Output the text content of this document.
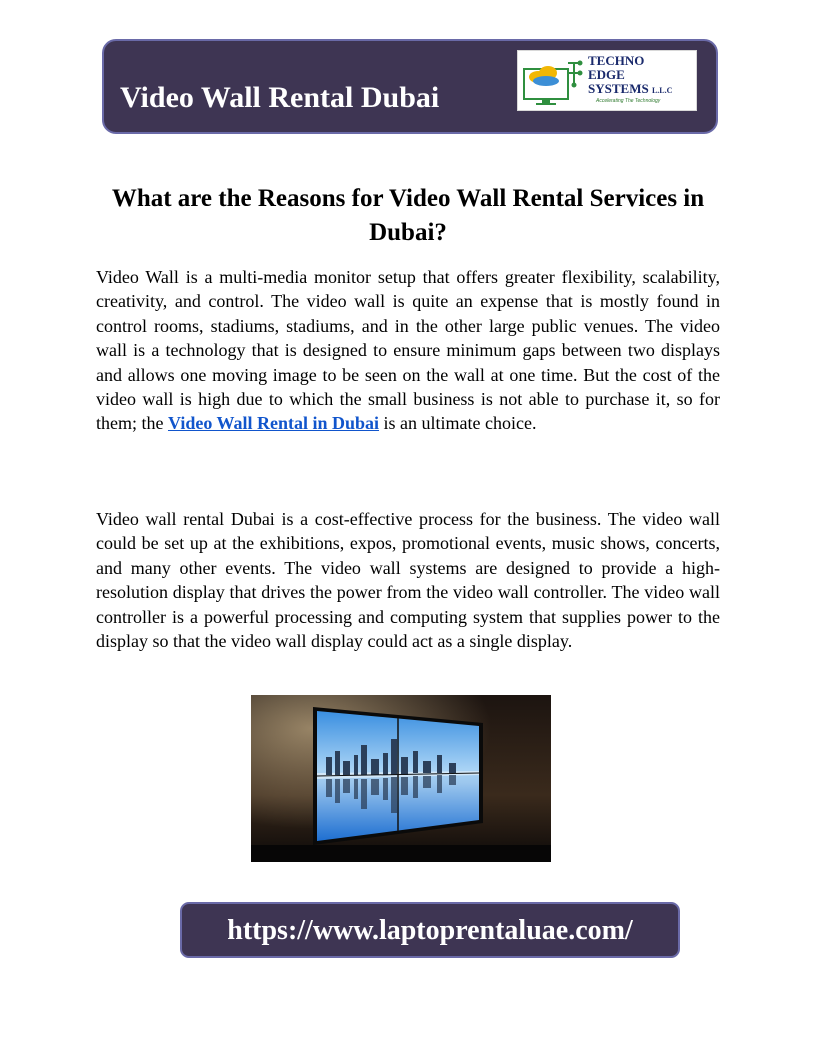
Video Wall Rental Dubai
TECHNO
EDGE
SYSTEMS L.L.C
Accelerating The Technology
What are the Reasons for Video Wall Rental Services in Dubai?

Video Wall is a multi-media monitor setup that offers greater flexibility, scalability, creativity, and control. The video wall is quite an expense that is mostly found in control rooms, stadiums, stadiums, and in the other large public venues. The video wall is a technology that is designed to ensure minimum gaps between two displays and allows one moving image to be seen on the wall at one time. But the cost of the video wall is high due to which the small business is not able to purchase it, so for them; the Video Wall Rental in Dubai is an ultimate choice.

Video wall rental Dubai is a cost-effective process for the business. The video wall could be set up at the exhibitions, expos, promotional events, music shows, concerts, and many other events. The video wall systems are designed to provide a high-resolution display that drives the power from the video wall controller. The video wall controller is a powerful processing and computing system that supplies power to the display so that the video wall display could act as a single display.

https://www.laptoprentaluae.com/
